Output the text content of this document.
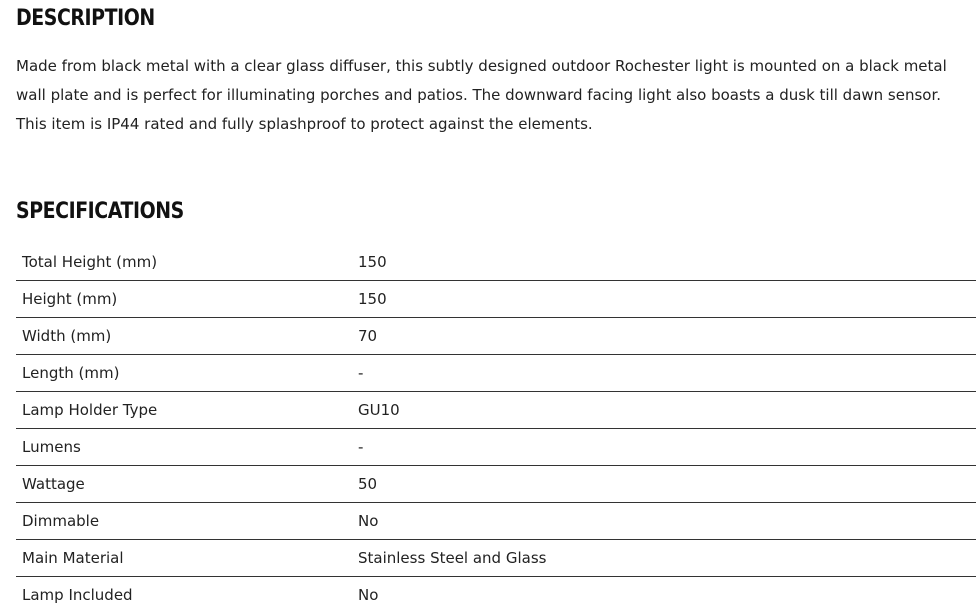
DESCRIPTION

Made from black metal with a clear glass diffuser, this subtly designed outdoor Rochester light is mounted on a black metal wall plate and is perfect for illuminating porches and patios. The downward facing light also boasts a dusk till dawn sensor. This item is IP44 rated and fully splashproof to protect against the elements.

SPECIFICATIONS
Total Height (mm)	150
Height (mm)	150
Width (mm)	70
Length (mm)	-
Lamp Holder Type	GU10
Lumens	-
Wattage	50
Dimmable	No
Main Material	Stainless Steel and Glass
Lamp Included	No
